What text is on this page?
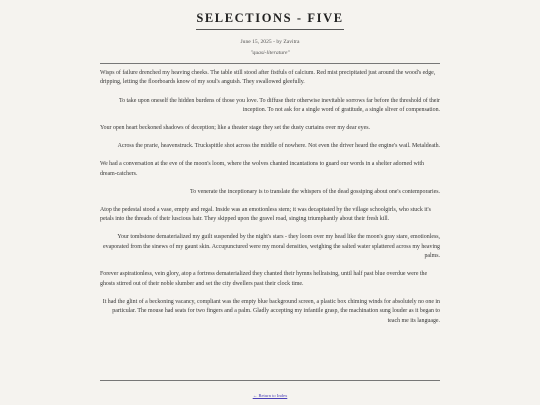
SELECTIONS - FIVE
June 15, 2025 - by Zavitra
"quasi-literature"

Wisps of failure drenched my heaving cheeks. The table still stood after fistfuls of calcium. Red mist precipitated just around the wood's edge, dripping, letting the floorboards know of my soul's anguish. They swallowed gleefully.

To take upon oneself the hidden burdens of those you love. To diffuse their otherwise inevitable sorrows far before the threshold of their inception. To not ask for a single word of gratitude, a single sliver of compensation.

Your open heart beckoned shadows of deception; like a theater stage they set the dusty curtains over my dear eyes.

Across the prarie, heavenstruck. Truckspittle shot across the middle of nowhere. Not even the driver heard the engine's wail. Metaldeath.

We had a conversation at the eve of the moon's loom, where the wolves chanted incantations to guard our words in a shelter adorned with dream-catchers.

To venerate the inceptionary is to translate the whispers of the dead gossiping about one's contemporaries.

Atop the pedestal stood a vase, empty and regal. Inside was an emotionless stem; it was decapitated by the village schoolgirls, who stuck it's petals into the threads of their luscious hair. They skipped upon the gravel road, singing triumphantly about their fresh kill.

Your tombstone dematerialized my guilt suspended by the night's stars - they loom over my head like the moon's gray stare, emotionless, evaporated from the sinews of my gaunt skin. Accupunctured were my moral densities, weighing the salted water splattered across my heaving palms.

Forever aspirationless, vein glory, atop a fortress dematerialized they chanted their hymns hellraising, until half past blue overdue were the ghosts stirred out of their noble slumber and set the city dwellers past their clock time.

It had the glint of a beckoning vacancy, compliant was the empty blue background screen, a plastic box chiming winds for absolutely no one in particular. The mouse had seats for two fingers and a palm. Gladly accepting my infantile grasp, the machination sung louder as it began to teach me its language.

← Return to Index
